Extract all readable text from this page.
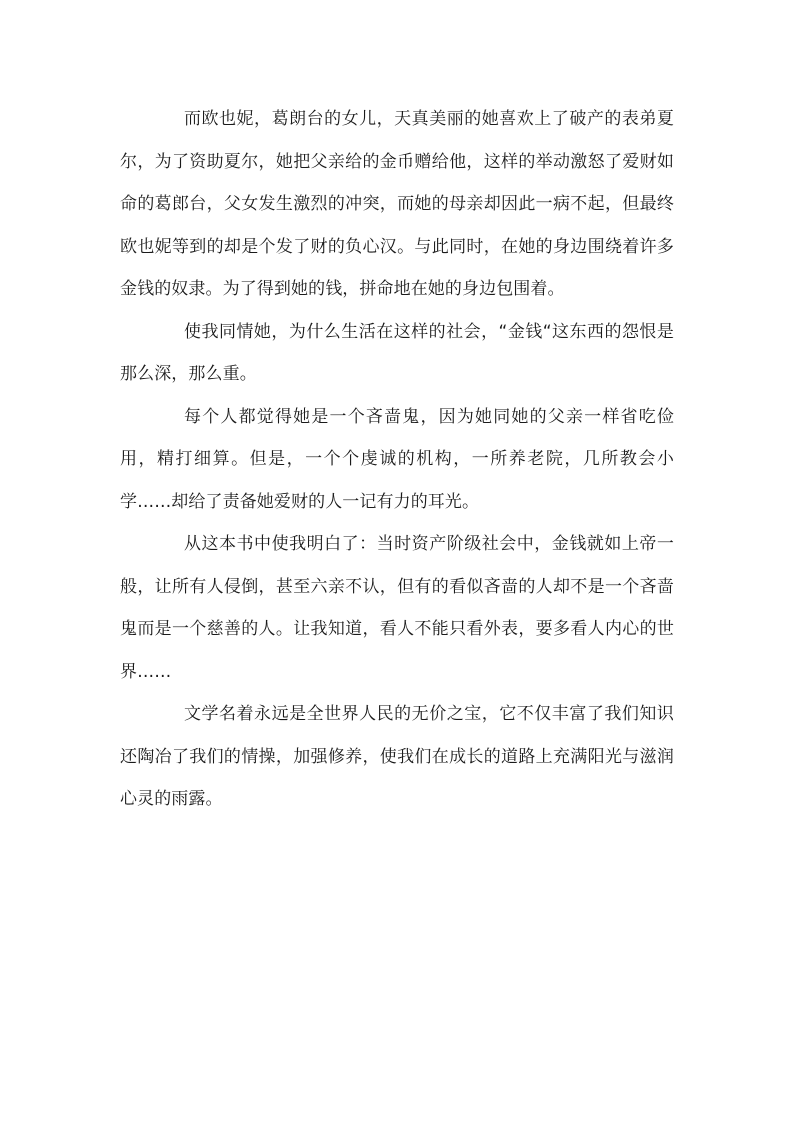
而欧也妮，葛朗台的女儿，天真美丽的她喜欢上了破产的表弟夏尔，为了资助夏尔，她把父亲给的金币赠给他，这样的举动激怒了爱财如命的葛郎台，父女发生激烈的冲突，而她的母亲却因此一病不起，但最终欧也妮等到的却是个发了财的负心汉。与此同时，在她的身边围绕着许多金钱的奴隶。为了得到她的钱，拼命地在她的身边包围着。

使我同情她，为什么生活在这样的社会，“金钱“这东西的怨恨是那么深，那么重。

每个人都觉得她是一个吝啬鬼，因为她同她的父亲一样省吃俭用，精打细算。但是，一个个虔诚的机构，一所养老院，几所教会小学……却给了责备她爱财的人一记有力的耳光。

从这本书中使我明白了：当时资产阶级社会中，金钱就如上帝一般，让所有人侵倒，甚至六亲不认，但有的看似吝啬的人却不是一个吝啬鬼而是一个慈善的人。让我知道，看人不能只看外表，要多看人内心的世界……

文学名着永远是全世界人民的无价之宝，它不仅丰富了我们知识还陶冶了我们的情操，加强修养，使我们在成长的道路上充满阳光与滋润心灵的雨露。
